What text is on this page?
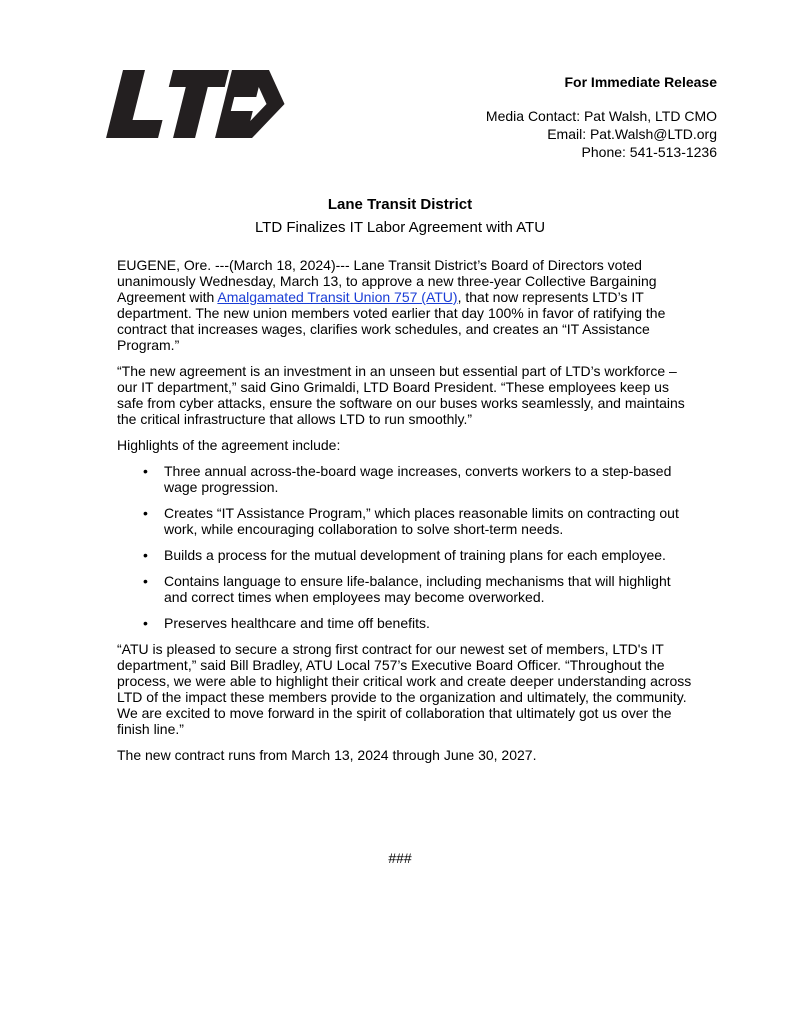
For Immediate Release
Media Contact: Pat Walsh, LTD CMO
Email: Pat.Walsh@LTD.org
Phone: 541-513-1236
Lane Transit District
LTD Finalizes IT Labor Agreement with ATU

EUGENE, Ore. ---(March 18, 2024)--- Lane Transit District’s Board of Directors voted unanimously Wednesday, March 13, to approve a new three-year Collective Bargaining Agreement with Amalgamated Transit Union 757 (ATU), that now represents LTD’s IT department. The new union members voted earlier that day 100% in favor of ratifying the contract that increases wages, clarifies work schedules, and creates an “IT Assistance Program.”

“The new agreement is an investment in an unseen but essential part of LTD’s workforce – our IT department,” said Gino Grimaldi, LTD Board President. “These employees keep us safe from cyber attacks, ensure the software on our buses works seamlessly, and maintains the critical infrastructure that allows LTD to run smoothly.”

Highlights of the agreement include:

• Three annual across-the-board wage increases, converts workers to a step-based wage progression.
• Creates “IT Assistance Program,” which places reasonable limits on contracting out work, while encouraging collaboration to solve short-term needs.
• Builds a process for the mutual development of training plans for each employee.
• Contains language to ensure life-balance, including mechanisms that will highlight and correct times when employees may become overworked.
• Preserves healthcare and time off benefits.

“ATU is pleased to secure a strong first contract for our newest set of members, LTD's IT department,” said Bill Bradley, ATU Local 757’s Executive Board Officer. “Throughout the process, we were able to highlight their critical work and create deeper understanding across LTD of the impact these members provide to the organization and ultimately, the community. We are excited to move forward in the spirit of collaboration that ultimately got us over the finish line.”

The new contract runs from March 13, 2024 through June 30, 2027.

###
